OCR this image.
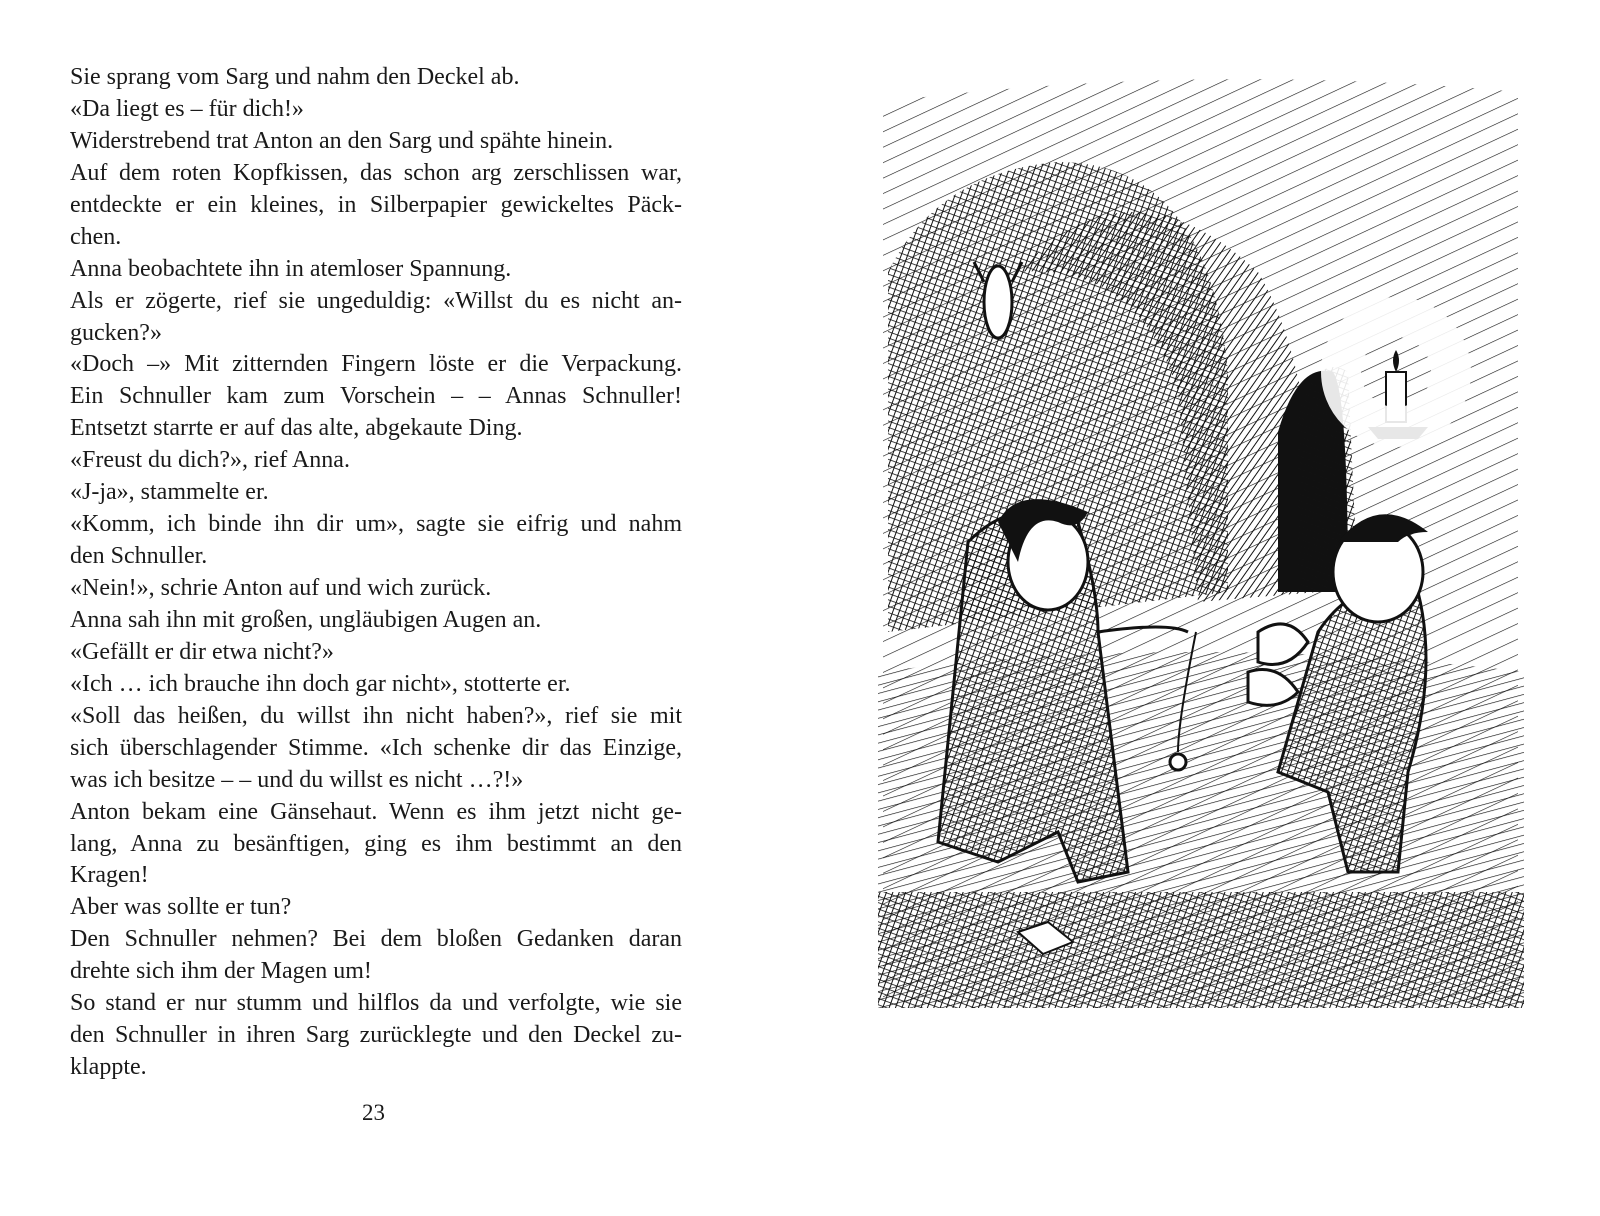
Sie sprang vom Sarg und nahm den Deckel ab.
«Da liegt es – für dich!»
Widerstrebend trat Anton an den Sarg und spähte hinein.
Auf dem roten Kopfkissen, das schon arg zerschlissen war,
entdeckte er ein kleines, in Silberpapier gewickeltes Päck-
chen.
Anna beobachtete ihn in atemloser Spannung.
Als er zögerte, rief sie ungeduldig: «Willst du es nicht an-
gucken?»
«Doch –» Mit zitternden Fingern löste er die Verpackung.
Ein Schnuller kam zum Vorschein – – Annas Schnuller!
Entsetzt starrte er auf das alte, abgekaute Ding.
«Freust du dich?», rief Anna.
«J-ja», stammelte er.
«Komm, ich binde ihn dir um», sagte sie eifrig und nahm
den Schnuller.
«Nein!», schrie Anton auf und wich zurück.
Anna sah ihn mit großen, ungläubigen Augen an.
«Gefällt er dir etwa nicht?»
«Ich … ich brauche ihn doch gar nicht», stotterte er.
«Soll das heißen, du willst ihn nicht haben?», rief sie mit
sich überschlagender Stimme. «Ich schenke dir das Einzige,
was ich besitze – – und du willst es nicht …?!»
Anton bekam eine Gänsehaut. Wenn es ihm jetzt nicht ge-
lang, Anna zu besänftigen, ging es ihm bestimmt an den
Kragen!
Aber was sollte er tun?
Den Schnuller nehmen? Bei dem bloßen Gedanken daran
drehte sich ihm der Magen um!
So stand er nur stumm und hilflos da und verfolgte, wie sie
den Schnuller in ihren Sarg zurücklegte und den Deckel zu-
klappte.
23
